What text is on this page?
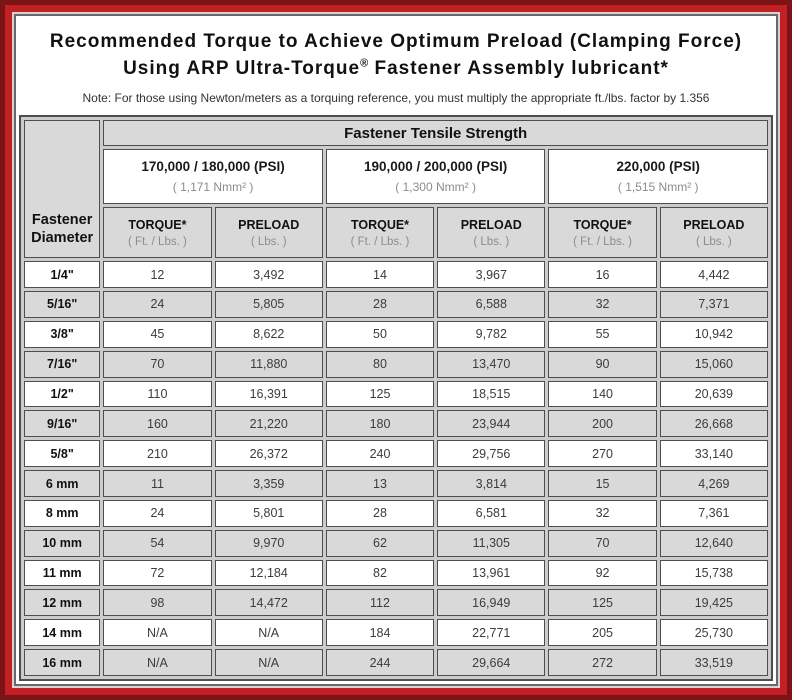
Recommended Torque to Achieve Optimum Preload (Clamping Force)
Using ARP Ultra-Torque® Fastener Assembly lubricant*

Note: For those using Newton/meters as a torquing reference, you must multiply the appropriate ft./lbs. factor by 1.356

Fastener
Diameter	Fastener Tensile Strength					

	170,000 / 180,000 (PSI)
( 1,171 Nmm² )		190,000 / 200,000 (PSI)
( 1,300 Nmm² )		220,000 (PSI)
( 1,515 Nmm² )	

	TORQUE*
( Ft. / Lbs. )	PRELOAD
( Lbs. )	TORQUE*
( Ft. / Lbs. )	PRELOAD
( Lbs. )	TORQUE*
( Ft. / Lbs. )	PRELOAD
( Lbs. )

1/4"	12	3,492	14	3,967	16	4,442
5/16"	24	5,805	28	6,588	32	7,371
3/8"	45	8,622	50	9,782	55	10,942
7/16"	70	11,880	80	13,470	90	15,060
1/2"	110	16,391	125	18,515	140	20,639
9/16"	160	21,220	180	23,944	200	26,668
5/8"	210	26,372	240	29,756	270	33,140
6 mm	11	3,359	13	3,814	15	4,269
8 mm	24	5,801	28	6,581	32	7,361
10 mm	54	9,970	62	11,305	70	12,640
11 mm	72	12,184	82	13,961	92	15,738
12 mm	98	14,472	112	16,949	125	19,425
14 mm	N/A	N/A	184	22,771	205	25,730
16 mm	N/A	N/A	244	29,664	272	33,519
